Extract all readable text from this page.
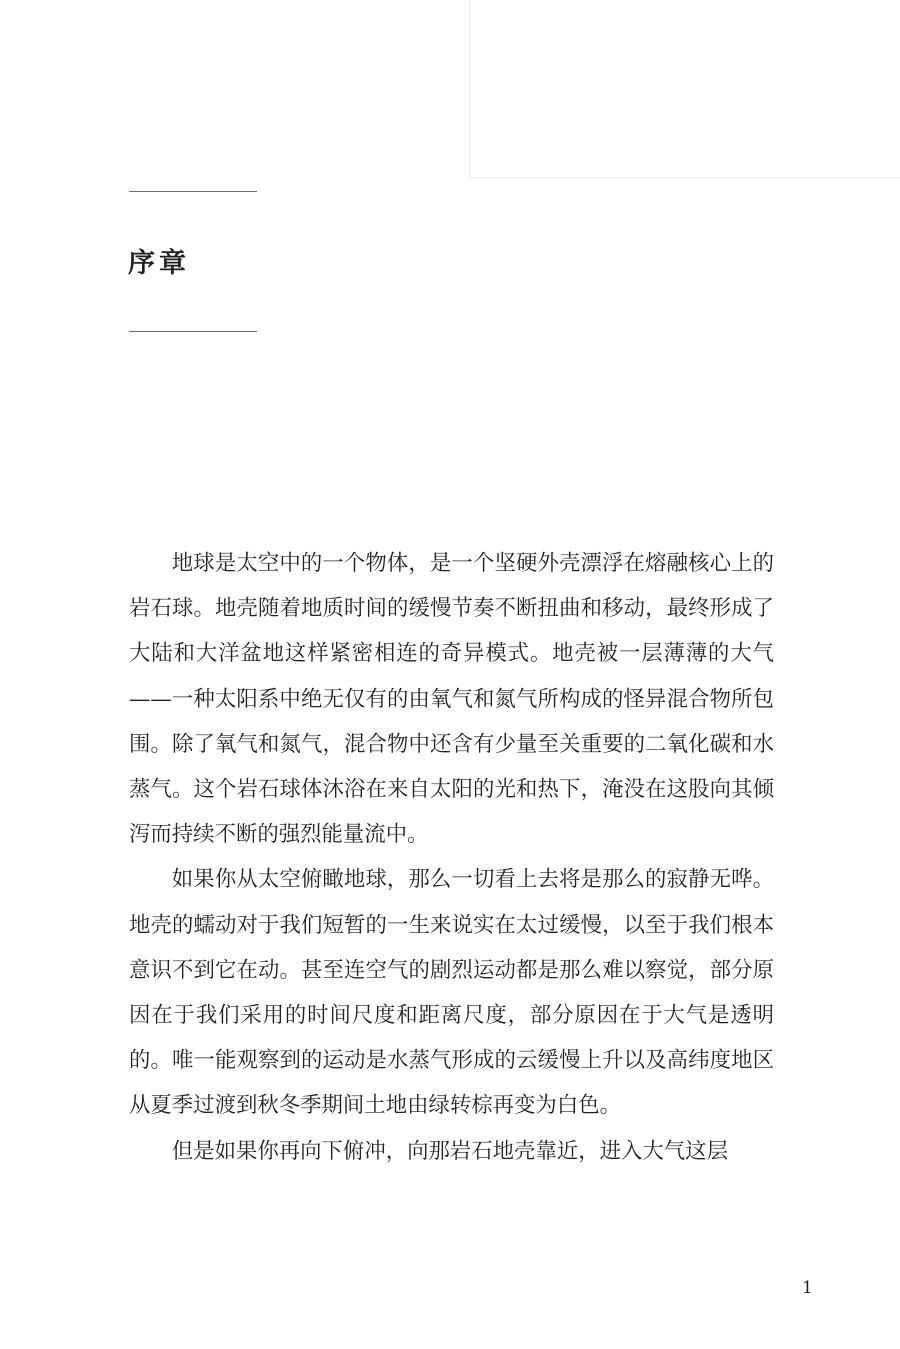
序章

地球是太空中的一个物体，是一个坚硬外壳漂浮在熔融核心上的岩石球。地壳随着地质时间的缓慢节奏不断扭曲和移动，最终形成了大陆和大洋盆地这样紧密相连的奇异模式。地壳被一层薄薄的大气——一种太阳系中绝无仅有的由氧气和氮气所构成的怪异混合物所包围。除了氧气和氮气，混合物中还含有少量至关重要的二氧化碳和水蒸气。这个岩石球体沐浴在来自太阳的光和热下，淹没在这股向其倾泻而持续不断的强烈能量流中。

如果你从太空俯瞰地球，那么一切看上去将是那么的寂静无哗。地壳的蠕动对于我们短暂的一生来说实在太过缓慢，以至于我们根本意识不到它在动。甚至连空气的剧烈运动都是那么难以察觉，部分原因在于我们采用的时间尺度和距离尺度，部分原因在于大气是透明的。唯一能观察到的运动是水蒸气形成的云缓慢上升以及高纬度地区从夏季过渡到秋冬季期间土地由绿转棕再变为白色。

但是如果你再向下俯冲，向那岩石地壳靠近，进入大气这层

1
